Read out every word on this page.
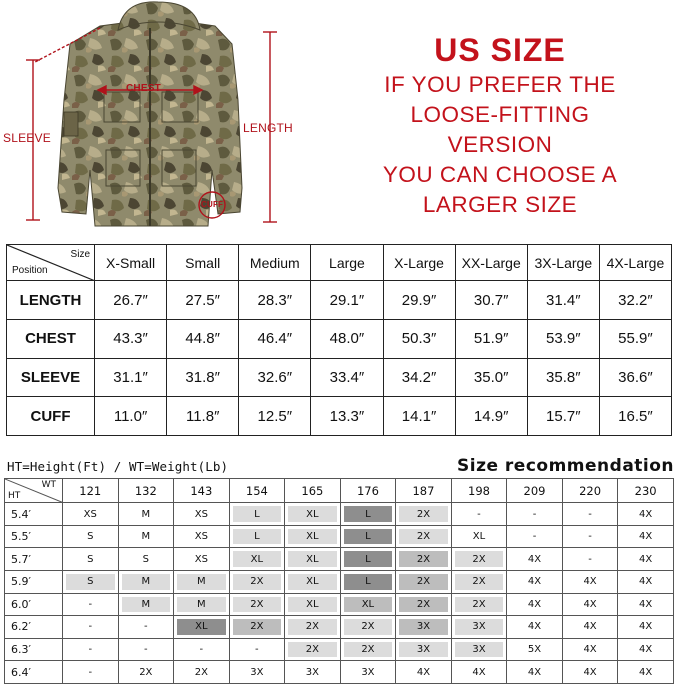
SLEEVE
LENGTH
CHEST
CUFF
US SIZE
IF YOU PREFER THE
LOOSE-FITTING
VERSION
YOU CAN CHOOSE A
LARGER SIZE
Size
Position	X-Small	Small	Medium	Large	X-Large	XX-Large	3X-Large	4X-Large
LENGTH	26.7″	27.5″	28.3″	29.1″	29.9″	30.7″	31.4″	32.2″
CHEST	43.3″	44.8″	46.4″	48.0″	50.3″	51.9″	53.9″	55.9″
SLEEVE	31.1″	31.8″	32.6″	33.4″	34.2″	35.0″	35.8″	36.6″
CUFF	11.0″	11.8″	12.5″	13.3″	14.1″	14.9″	15.7″	16.5″
HT=Height(Ft) / WT=Weight(Lb)	Size recommendation
WT
HT	121	132	143	154	165	176	187	198	209	220	230
5.4′	XS	M	XS	L	XL	L	2X	-	-	-	4X

5.5′	S	M	XS	L	XL	L	2X	XL	-	-	4X

5.7′	S	S	XS	XL	XL	L	2X	2X	4X	-	4X

5.9′	S	M	M	2X	XL	L	2X	2X	4X	4X	4X

6.0′	-	M	M	2X	XL	XL	2X	2X	4X	4X	4X

6.2′	-	-	XL	2X	2X	2X	3X	3X	4X	4X	4X

6.3′	-	-	-	-	2X	2X	3X	3X	5X	4X	4X

6.4′	-	2X	2X	3X	3X	3X	4X	4X	4X	4X	4X
